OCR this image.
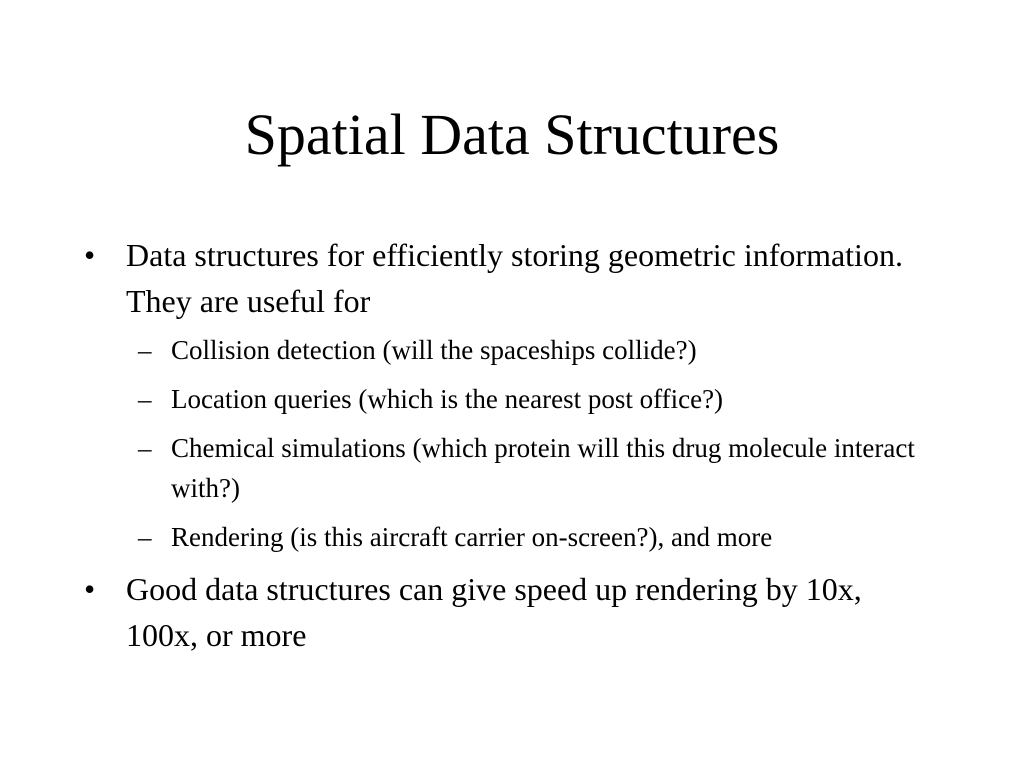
Spatial Data Structures
• Data structures for efficiently storing geometric information. They are useful for
– Collision detection (will the spaceships collide?)
– Location queries (which is the nearest post office?)
– Chemical simulations (which protein will this drug molecule interact with?)
– Rendering (is this aircraft carrier on-screen?), and more
• Good data structures can give speed up rendering by 10x, 100x, or more
